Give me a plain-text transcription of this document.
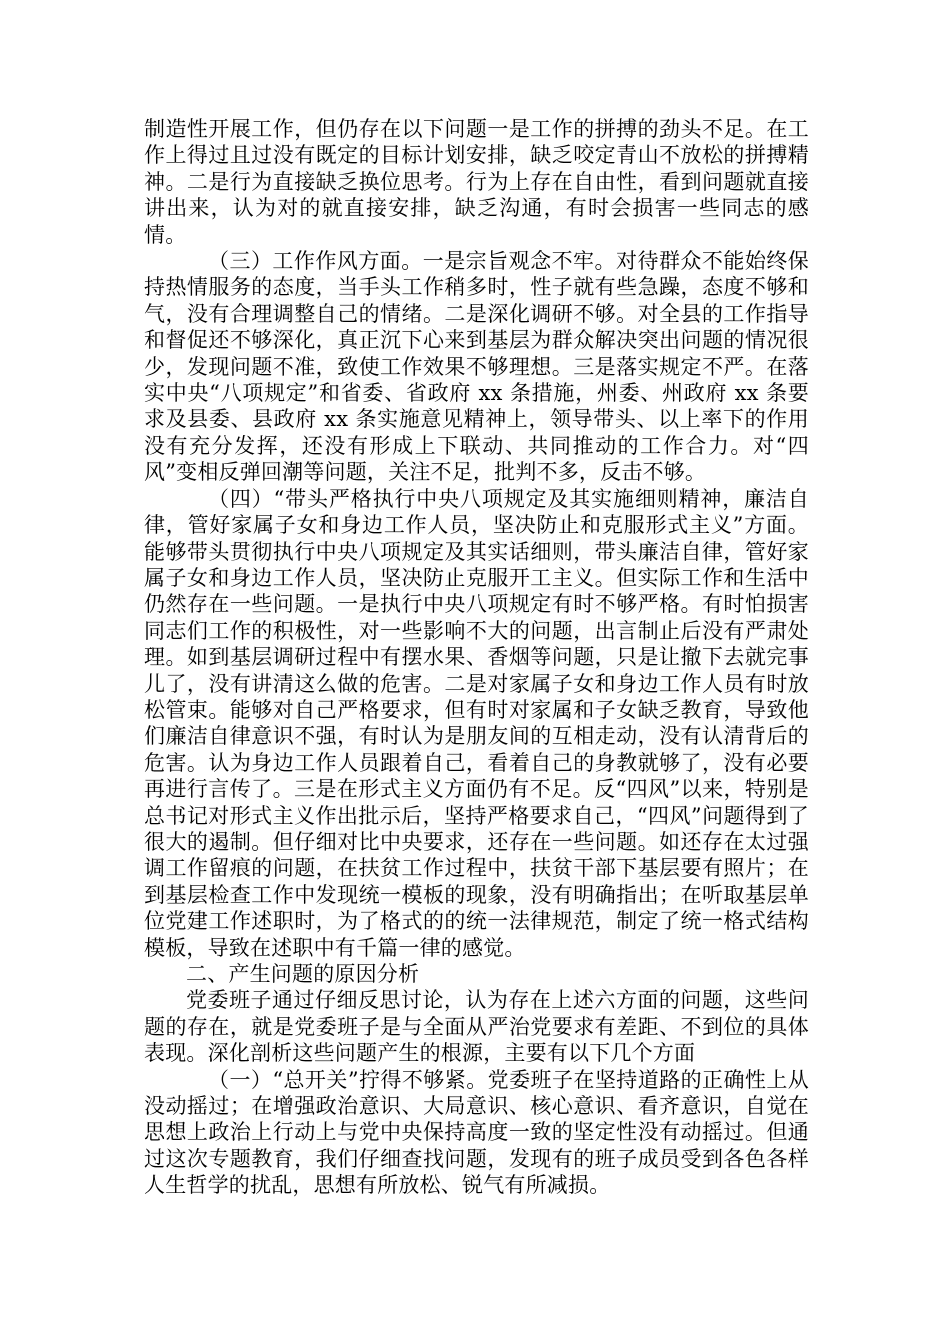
制造性开展工作，但仍存在以下问题一是工作的拼搏的劲头不足。在工作上得过且过没有既定的目标计划安排，缺乏咬定青山不放松的拼搏精神。二是行为直接缺乏换位思考。行为上存在自由性，看到问题就直接讲出来，认为对的就直接安排，缺乏沟通，有时会损害一些同志的感情。

（三）工作作风方面。一是宗旨观念不牢。对待群众不能始终保持热情服务的态度，当手头工作稍多时，性子就有些急躁，态度不够和气，没有合理调整自己的情绪。二是深化调研不够。对全县的工作指导和督促还不够深化，真正沉下心来到基层为群众解决突出问题的情况很少，发现问题不准，致使工作效果不够理想。三是落实规定不严。在落实中央“八项规定”和省委、省政府 xx 条措施，州委、州政府 xx 条要求及县委、县政府 xx 条实施意见精神上，领导带头、以上率下的作用没有充分发挥，还没有形成上下联动、共同推动的工作合力。对“四风”变相反弹回潮等问题，关注不足，批判不多，反击不够。

（四）“带头严格执行中央八项规定及其实施细则精神，廉洁自律，管好家属子女和身边工作人员，坚决防止和克服形式主义”方面。能够带头贯彻执行中央八项规定及其实话细则，带头廉洁自律，管好家属子女和身边工作人员，坚决防止克服开工主义。但实际工作和生活中仍然存在一些问题。一是执行中央八项规定有时不够严格。有时怕损害同志们工作的积极性，对一些影响不大的问题，出言制止后没有严肃处理。如到基层调研过程中有摆水果、香烟等问题，只是让撤下去就完事儿了，没有讲清这么做的危害。二是对家属子女和身边工作人员有时放松管束。能够对自己严格要求，但有时对家属和子女缺乏教育，导致他们廉洁自律意识不强，有时认为是朋友间的互相走动，没有认清背后的危害。认为身边工作人员跟着自己，看着自己的身教就够了，没有必要再进行言传了。三是在形式主义方面仍有不足。反“四风”以来，特别是总书记对形式主义作出批示后，坚持严格要求自己，“四风”问题得到了很大的遏制。但仔细对比中央要求，还存在一些问题。如还存在太过强调工作留痕的问题，在扶贫工作过程中，扶贫干部下基层要有照片；在到基层检查工作中发现统一模板的现象，没有明确指出；在听取基层单位党建工作述职时，为了格式的的统一法律规范，制定了统一格式结构模板，导致在述职中有千篇一律的感觉。

二、产生问题的原因分析

党委班子通过仔细反思讨论，认为存在上述六方面的问题，这些问题的存在，就是党委班子是与全面从严治党要求有差距、不到位的具体表现。深化剖析这些问题产生的根源，主要有以下几个方面

（一）“总开关”拧得不够紧。党委班子在坚持道路的正确性上从没动摇过；在增强政治意识、大局意识、核心意识、看齐意识，自觉在思想上政治上行动上与党中央保持高度一致的坚定性没有动摇过。但通过这次专题教育，我们仔细查找问题，发现有的班子成员受到各色各样人生哲学的扰乱，思想有所放松、锐气有所减损。
